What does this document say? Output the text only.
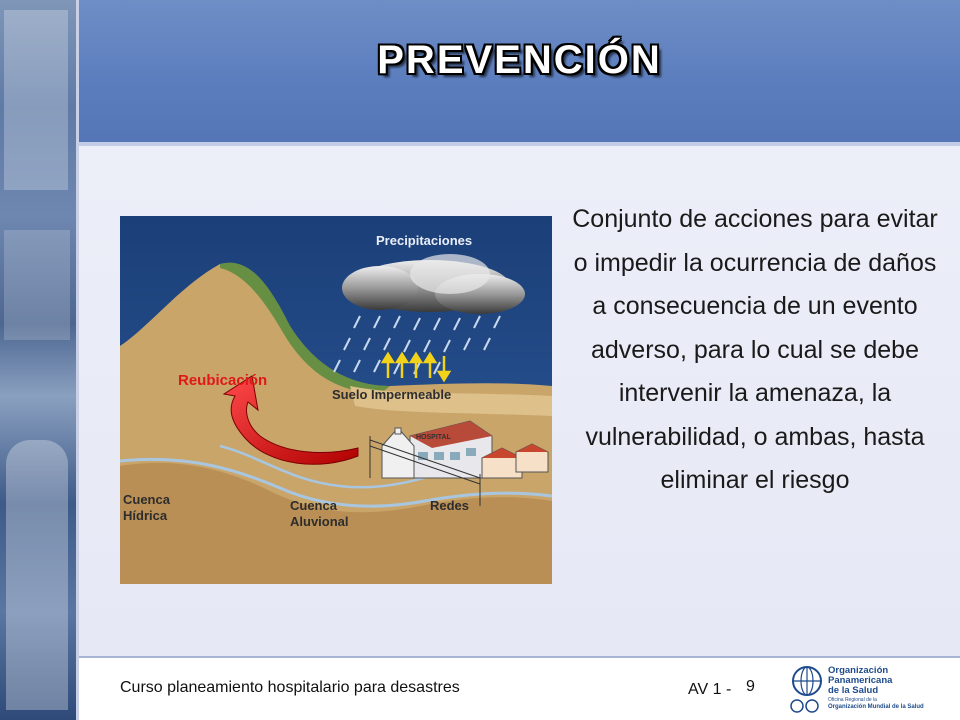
PREVENCIÓN
Precipitaciones
Suelo Impermeable
Reubicación
Cuenca
Hídrica
Cuenca
Aluvional
Redes
HOSPITAL
Conjunto de acciones para evitar o impedir la ocurrencia de daños a consecuencia de un evento adverso, para lo cual se debe intervenir la amenaza, la vulnerabilidad, o ambas, hasta eliminar el riesgo
Curso planeamiento hospitalario para desastres	AV 1 - 9
Organización
Panamericana
de la Salud
Oficina Regional de la
Organización Mundial de la Salud
